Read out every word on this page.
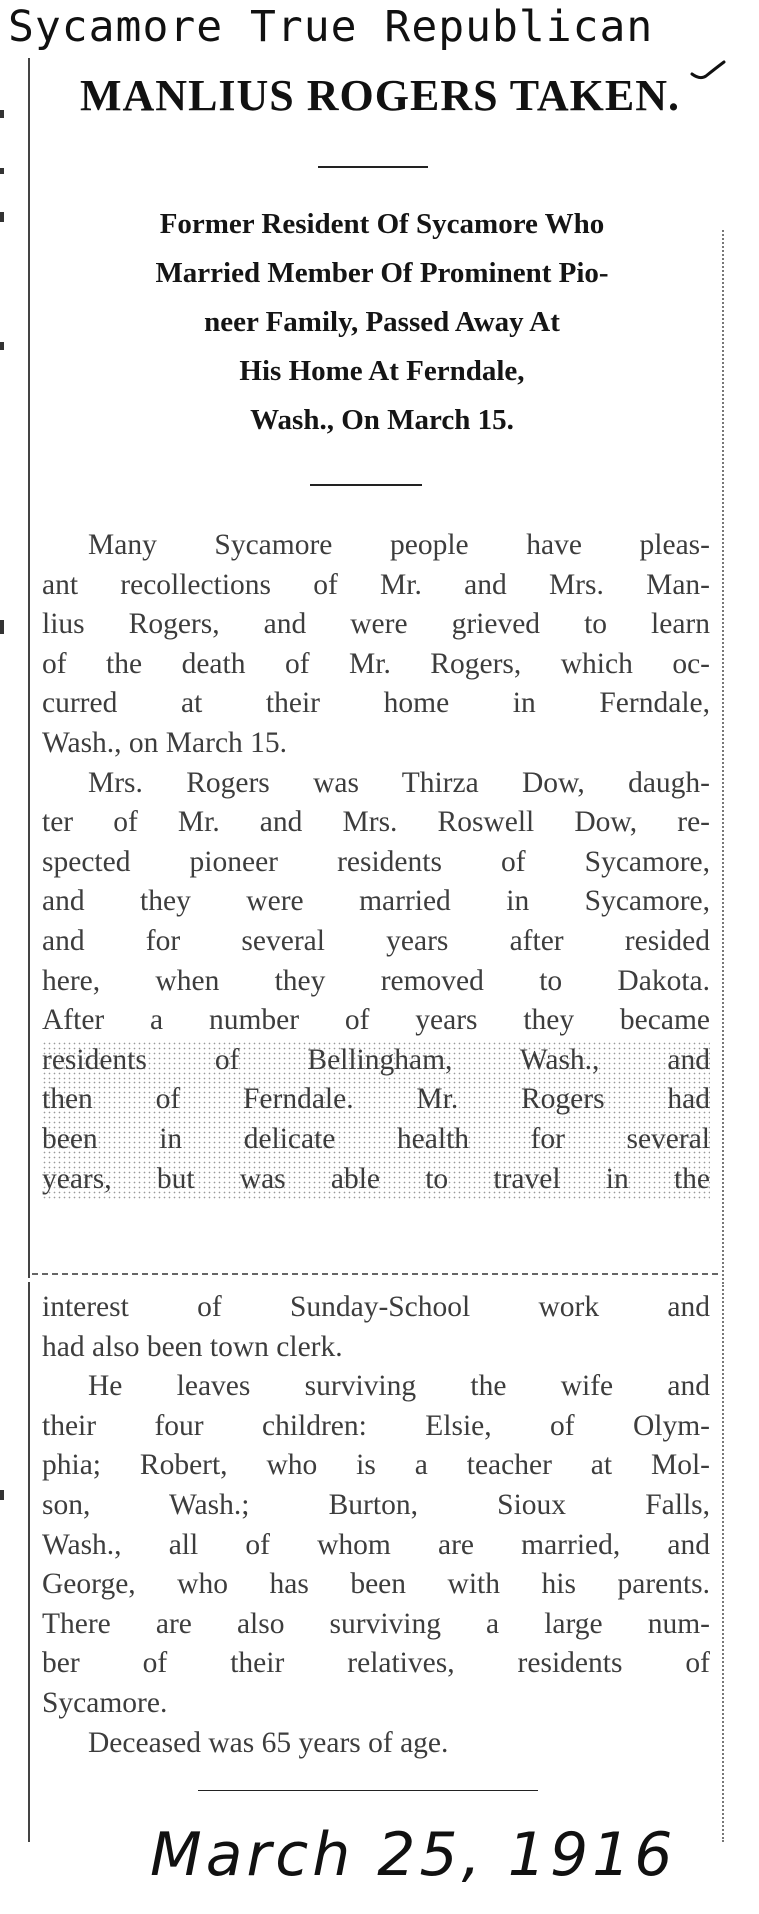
Sycamore True Republican
MANLIUS ROGERS TAKEN.
Former Resident Of Sycamore Who
Married Member Of Prominent Pio-
neer Family, Passed Away At
His Home At Ferndale,
Wash., On March 15.
Many Sycamore people have pleas-
ant recollections of Mr. and Mrs. Man-
lius Rogers, and were grieved to learn
of the death of Mr. Rogers, which oc-
curred at their home in Ferndale,
Wash., on March 15.
Mrs. Rogers was Thirza Dow, daugh-
ter of Mr. and Mrs. Roswell Dow, re-
spected pioneer residents of Sycamore,
and they were married in Sycamore,
and for several years after resided
here, when they removed to Dakota.
After a number of years they became
residents of Bellingham, Wash., and
then of Ferndale. Mr. Rogers had
been in delicate health for several
years, but was able to travel in the
interest of Sunday-School work and
had also been town clerk.
He leaves surviving the wife and
their four children: Elsie, of Olym-
phia; Robert, who is a teacher at Mol-
son, Wash.; Burton, Sioux Falls,
Wash., all of whom are married, and
George, who has been with his parents.
There are also surviving a large num-
ber of their relatives, residents of
Sycamore.
Deceased was 65 years of age.
March 25, 1916
